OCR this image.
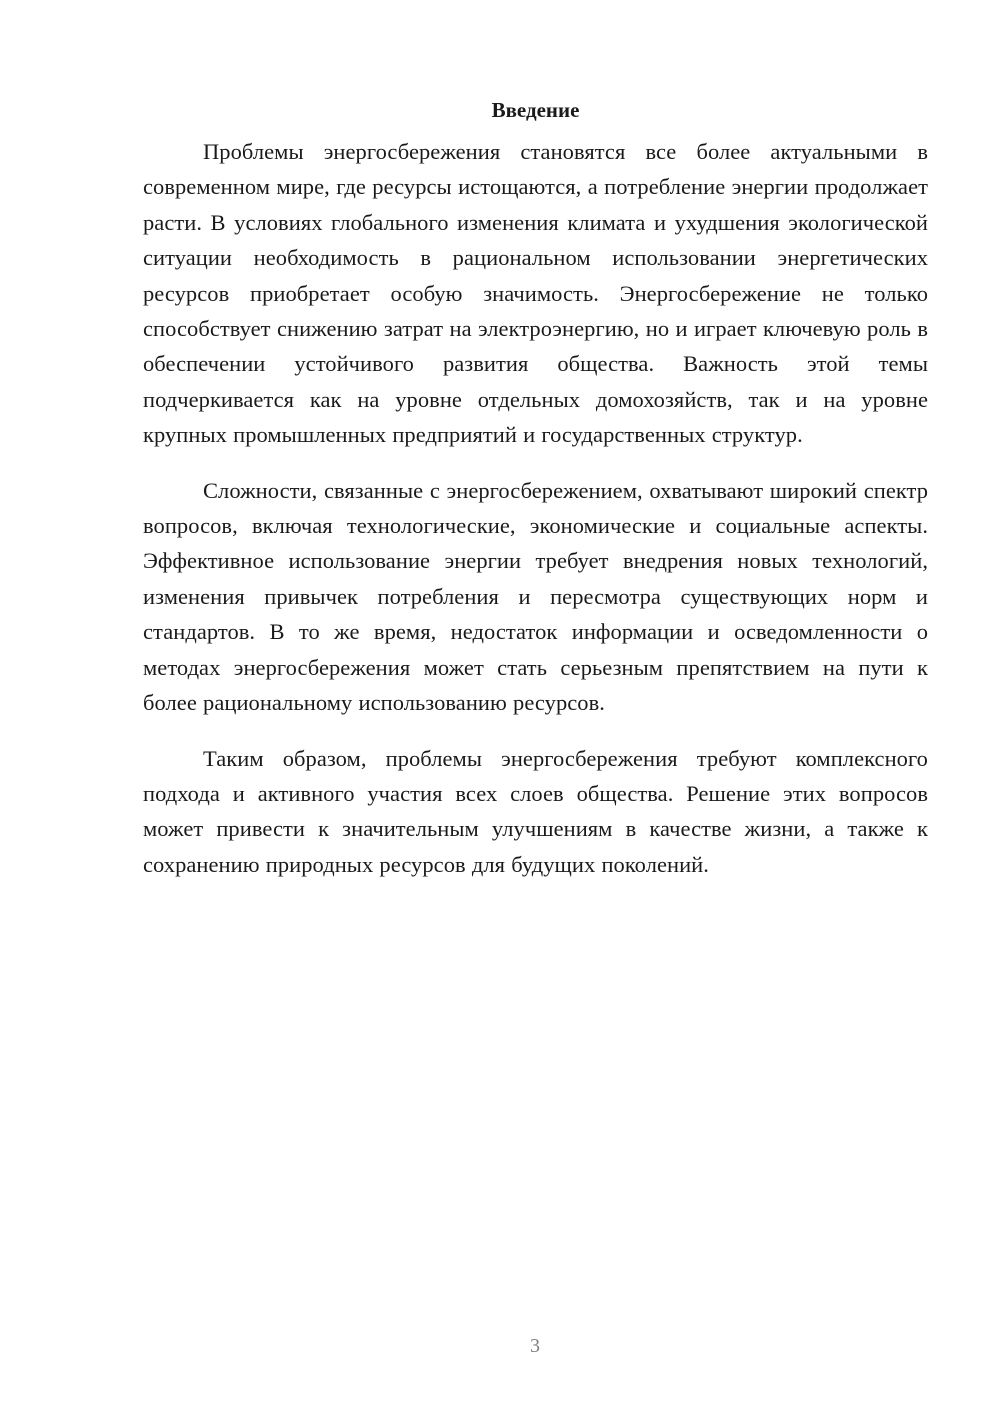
Введение

Проблемы энергосбережения становятся все более актуальными в современном мире, где ресурсы истощаются, а потребление энергии продолжает расти. В условиях глобального изменения климата и ухудшения экологической ситуации необходимость в рациональном использовании энергетических ресурсов приобретает особую значимость. Энергосбережение не только способствует снижению затрат на электроэнергию, но и играет ключевую роль в обеспечении устойчивого развития общества. Важность этой темы подчеркивается как на уровне отдельных домохозяйств, так и на уровне крупных промышленных предприятий и государственных структур.

Сложности, связанные с энергосбережением, охватывают широкий спектр вопросов, включая технологические, экономические и социальные аспекты. Эффективное использование энергии требует внедрения новых технологий, изменения привычек потребления и пересмотра существующих норм и стандартов. В то же время, недостаток информации и осведомленности о методах энергосбережения может стать серьезным препятствием на пути к более рациональному использованию ресурсов.

Таким образом, проблемы энергосбережения требуют комплексного подхода и активного участия всех слоев общества. Решение этих вопросов может привести к значительным улучшениям в качестве жизни, а также к сохранению природных ресурсов для будущих поколений.

3
